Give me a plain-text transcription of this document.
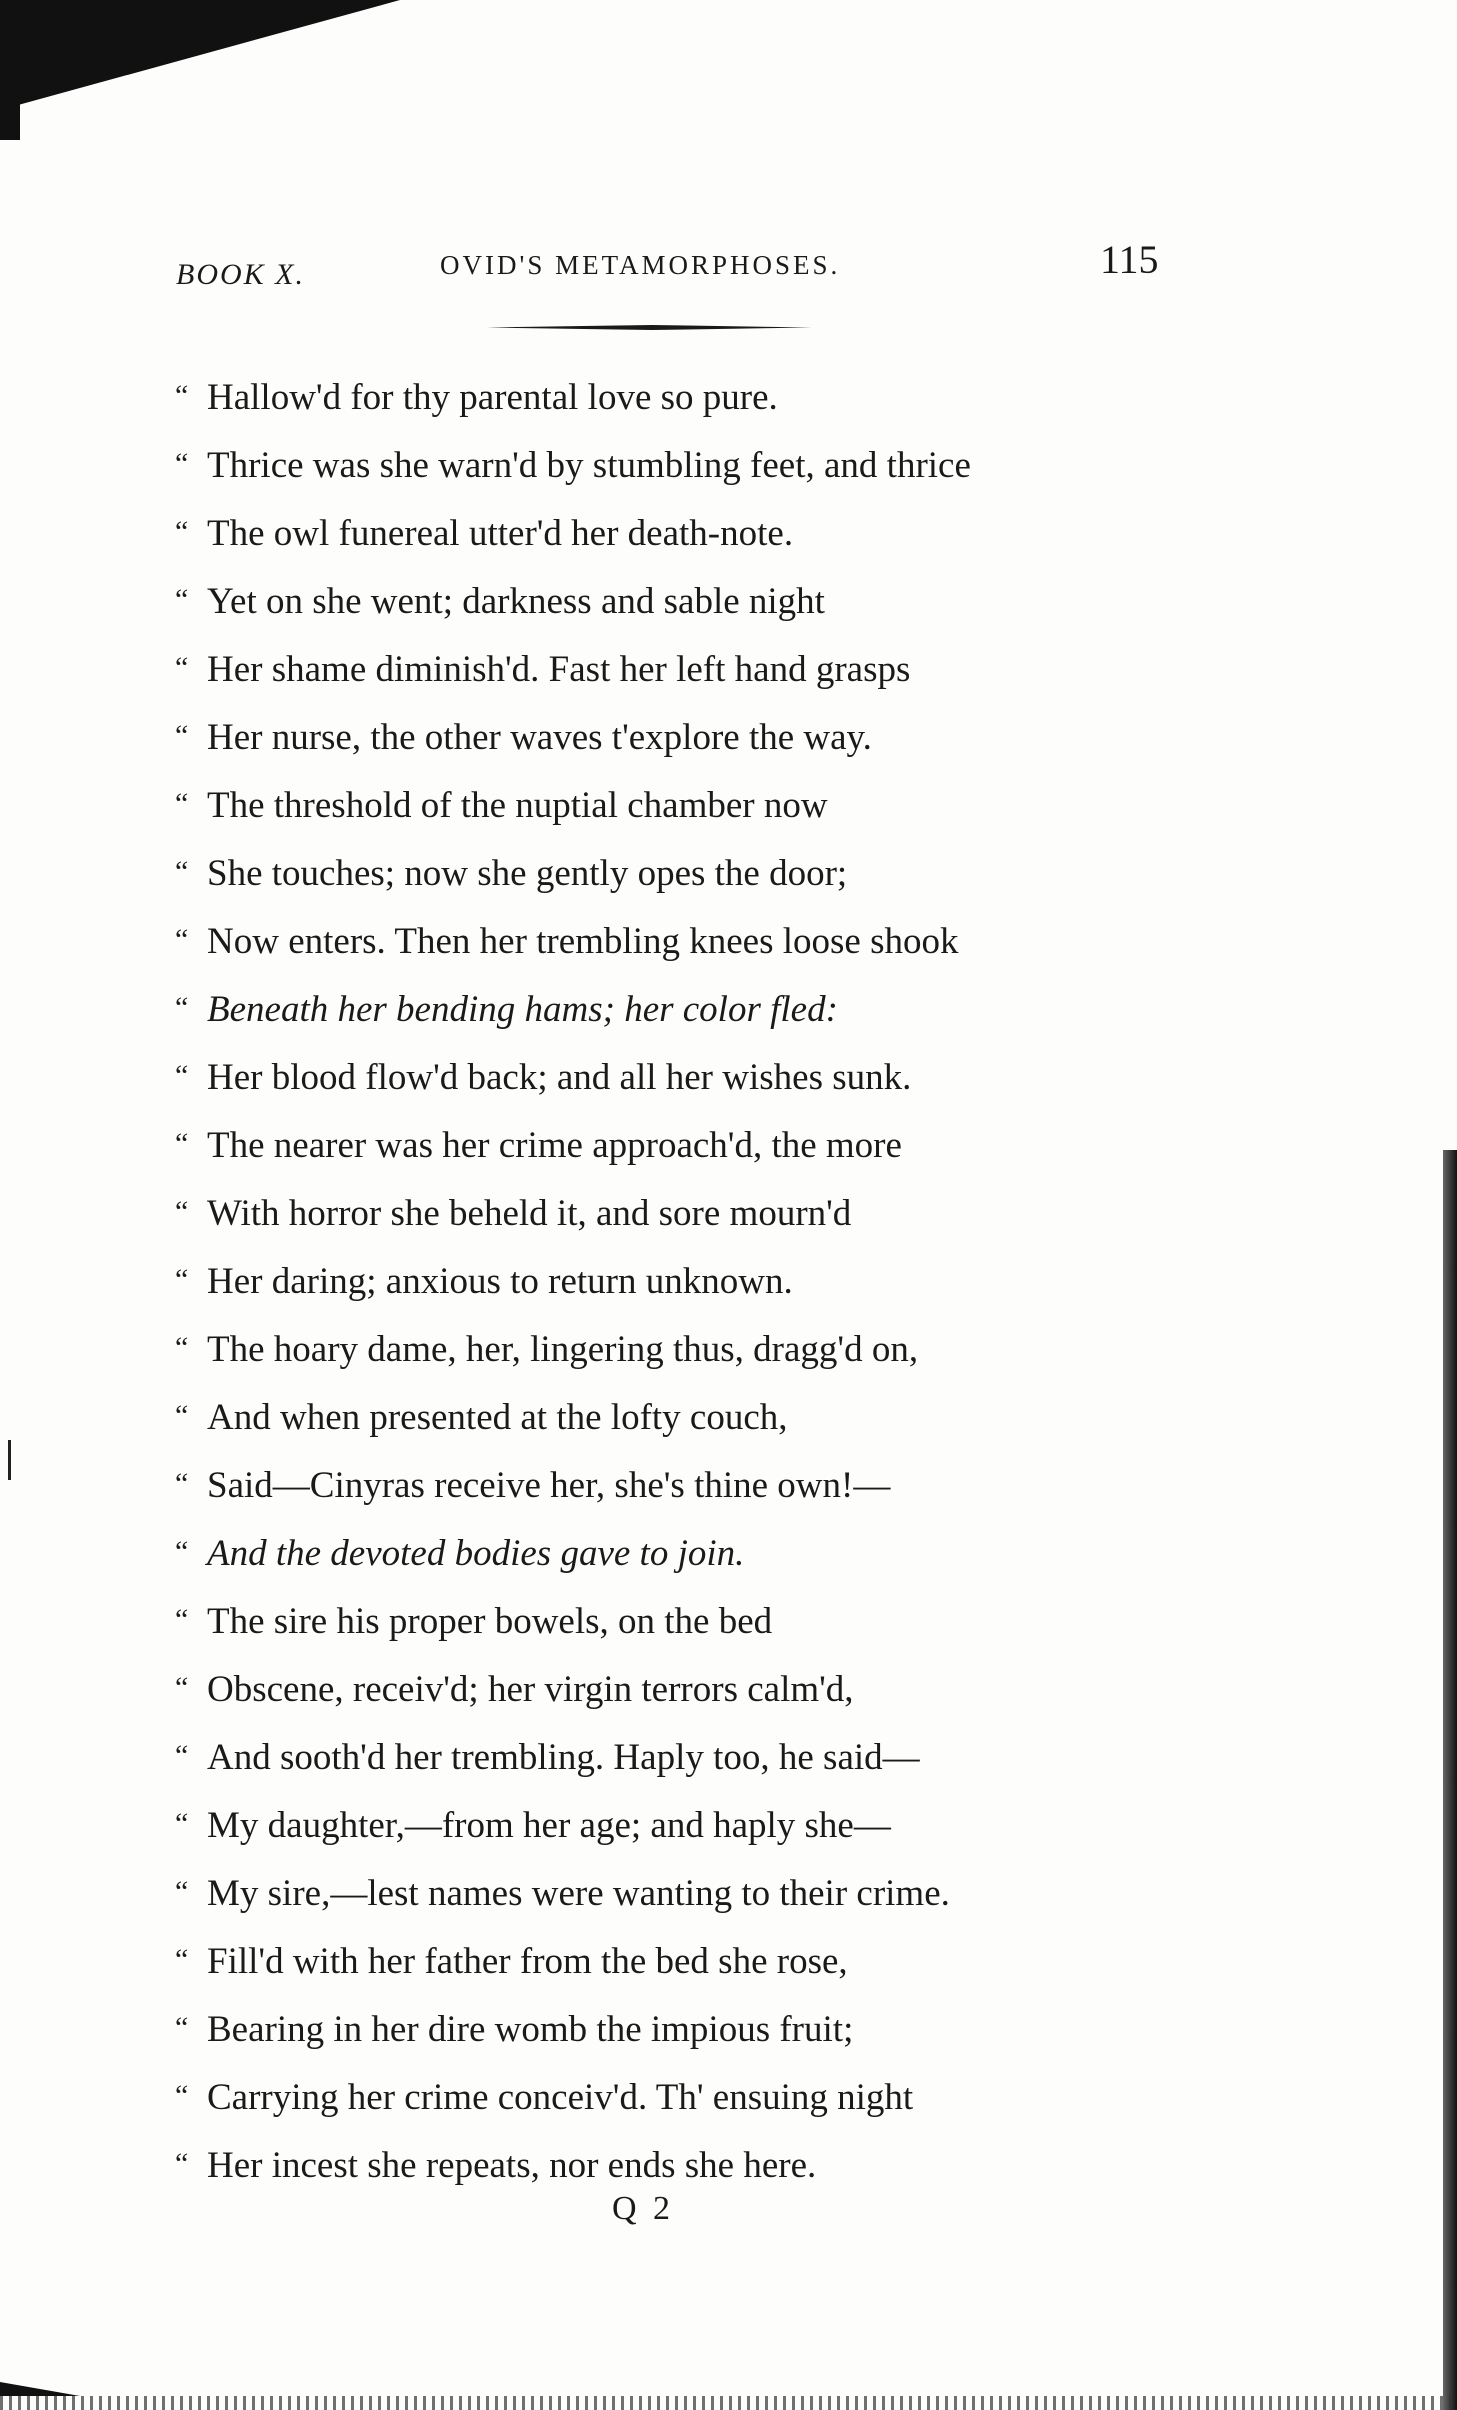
BOOK X.	OVID'S METAMORPHOSES.	115
“ Hallow'd for thy parental love so pure.
“ Thrice was she warn'd by stumbling feet, and thrice
“ The owl funereal utter'd her death-note.
“ Yet on she went; darkness and sable night
“ Her shame diminish'd. Fast her left hand grasps
“ Her nurse, the other waves t'explore the way.
“ The threshold of the nuptial chamber now
“ She touches; now she gently opes the door;
“ Now enters. Then her trembling knees loose shook
“ Beneath her bending hams; her color fled:
“ Her blood flow'd back; and all her wishes sunk.
“ The nearer was her crime approach'd, the more
“ With horror she beheld it, and sore mourn'd
“ Her daring; anxious to return unknown.
“ The hoary dame, her, lingering thus, dragg'd on,
“ And when presented at the lofty couch,
“ Said—Cinyras receive her, she's thine own!—
“ And the devoted bodies gave to join.
“ The sire his proper bowels, on the bed
“ Obscene, receiv'd; her virgin terrors calm'd,
“ And sooth'd her trembling. Haply too, he said—
“ My daughter,—from her age; and haply she—
“ My sire,—lest names were wanting to their crime.
“ Fill'd with her father from the bed she rose,
“ Bearing in her dire womb the impious fruit;
“ Carrying her crime conceiv'd. Th' ensuing night
“ Her incest she repeats, nor ends she here.
Q 2
